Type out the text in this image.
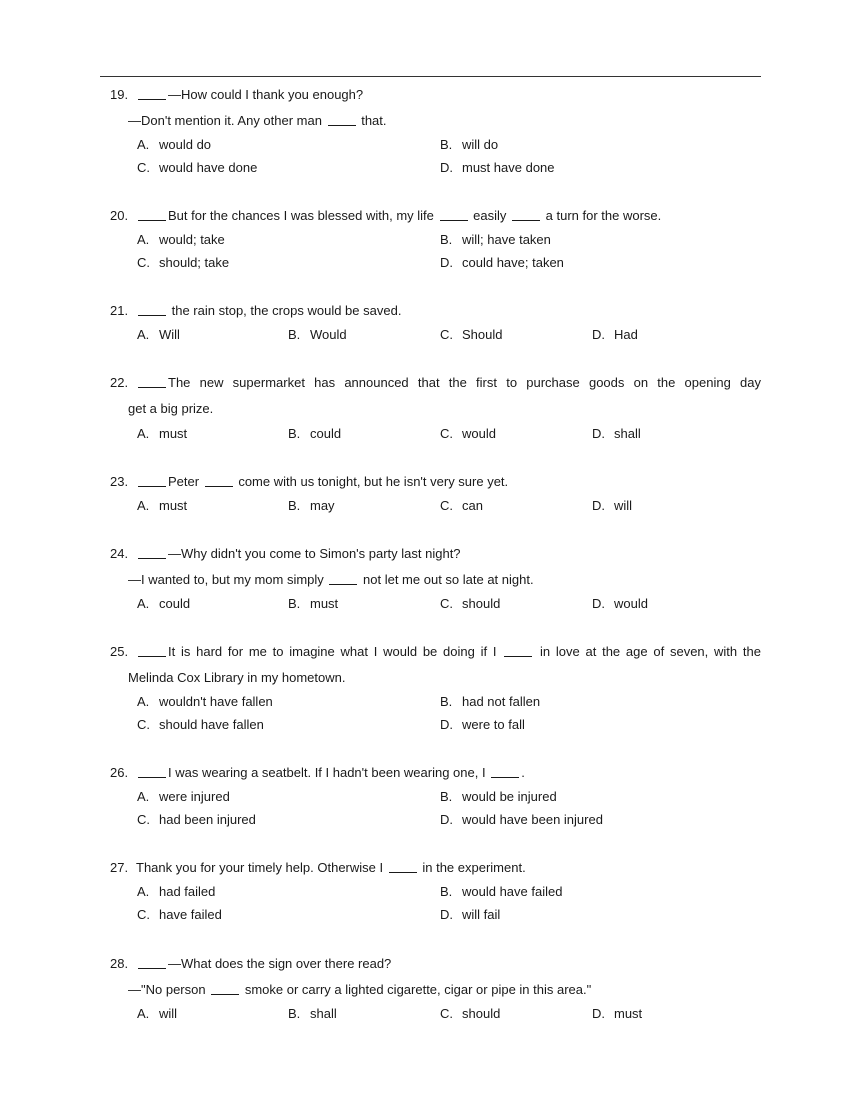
19.	—How could I thank you enough?
—Don't mention it. Any other man	that.
A. would do	B. will do
C. would have done	D. must have done
20.	But for the chances I was blessed with, my life	easily	a turn for the worse.
A. would; take	B. will; have taken
C. should; take	D. could have; taken
21.	the rain stop, the crops would be saved.
A. Will	B. Would	C. Should	D. Had
22.	The new supermarket has announced that the first to purchase goods on the opening day
get a big prize.
A. must	B. could	C. would	D. shall
23.	Peter	come with us tonight, but he isn't very sure yet.
A. must	B. may	C. can	D. will
24.	—Why didn't you come to Simon's party last night?
—I wanted to, but my mom simply	not let me out so late at night.
A. could	B. must	C. should	D. would
25.	It is hard for me to imagine what I would be doing if I	in love at the age of seven, with the
Melinda Cox Library in my hometown.
A. wouldn't have fallen	B. had not fallen
C. should have fallen	D. were to fall
26.	I was wearing a seatbelt. If I hadn't been wearing one, I	.
A. were injured	B. would be injured
C. had been injured	D. would have been injured
27. Thank you for your timely help. Otherwise I	in the experiment.
A. had failed	B. would have failed
C. have failed	D. will fail
28.	—What does the sign over there read?
—"No person	smoke or carry a lighted cigarette, cigar or pipe in this area."
A. will	B. shall	C. should	D. must
